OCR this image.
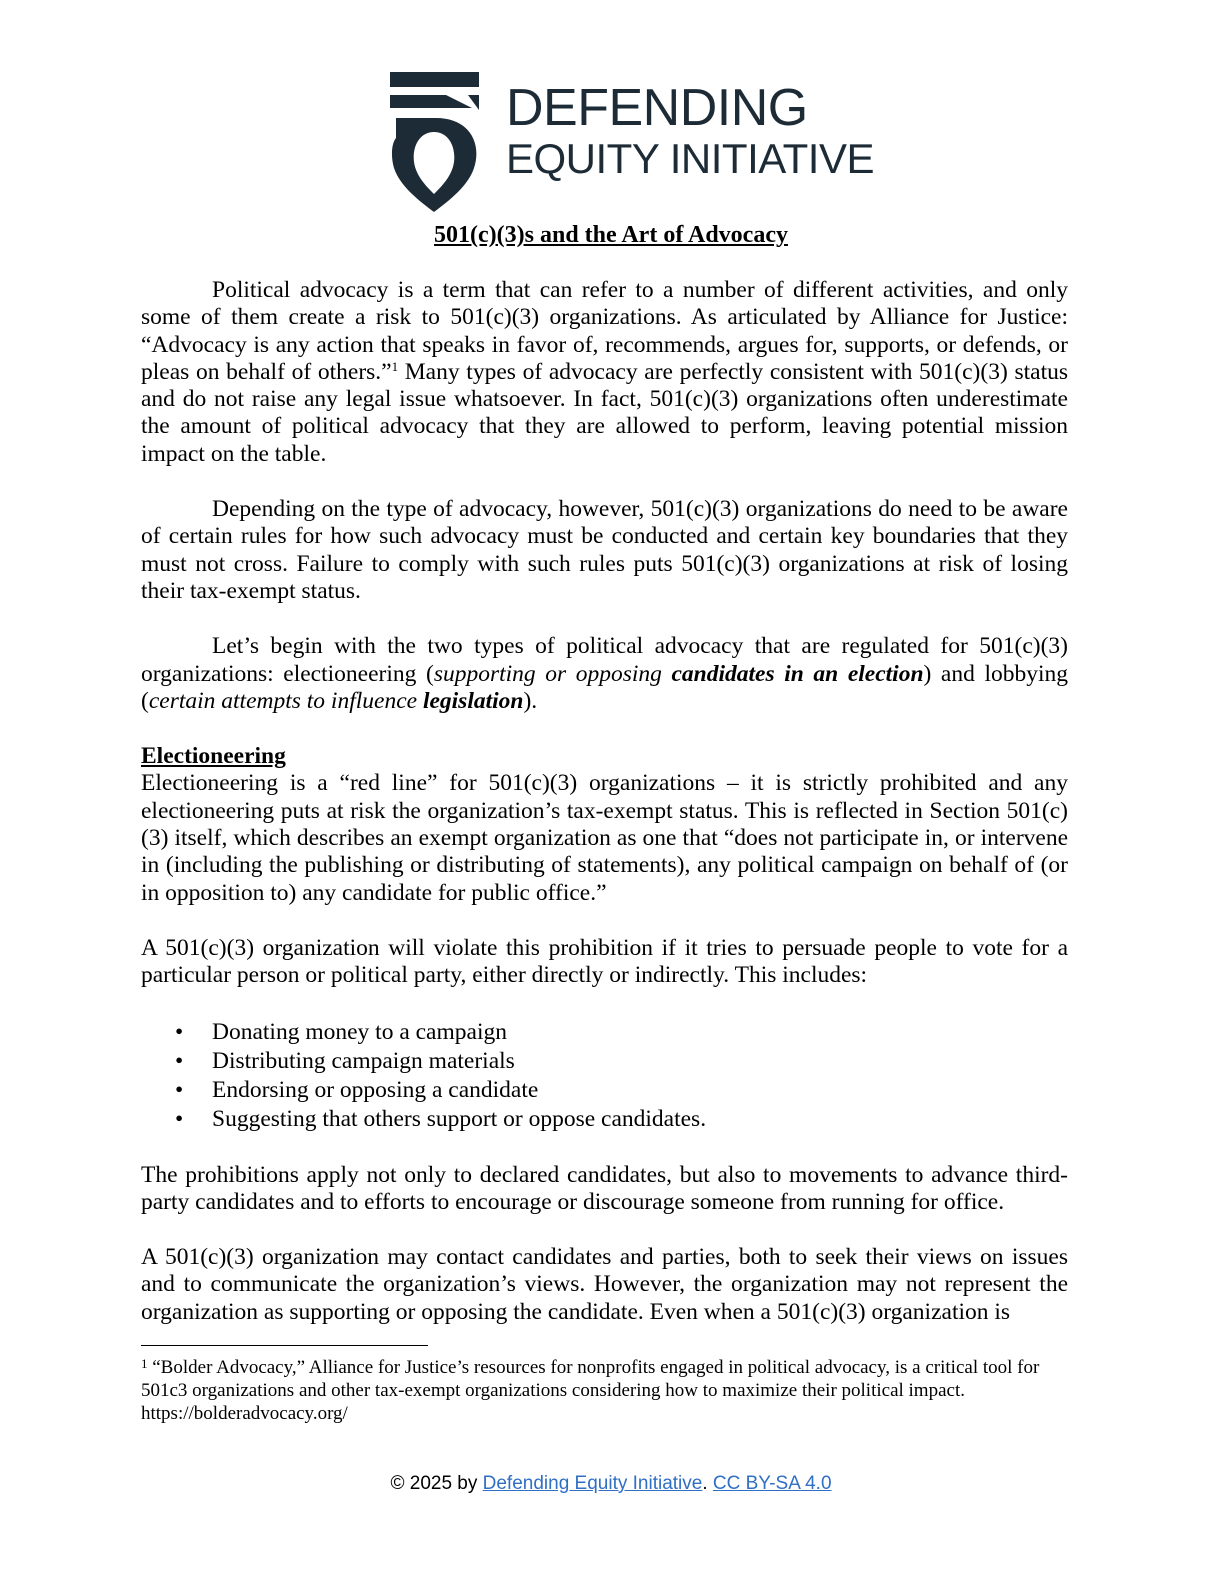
DEFENDING
EQUITY INITIATIVE
501(c)(3)s and the Art of Advocacy

Political advocacy is a term that can refer to a number of different activities, and only some of them create a risk to 501(c)(3) organizations. As articulated by Alliance for Justice: “Advocacy is any action that speaks in favor of, recommends, argues for, supports, or defends, or pleas on behalf of others.”$^1$ Many types of advocacy are perfectly consistent with 501(c)(3) status and do not raise any legal issue whatsoever. In fact, 501(c)(3) organizations often underestimate the amount of political advocacy that they are allowed to perform, leaving potential mission impact on the table.

Depending on the type of advocacy, however, 501(c)(3) organizations do need to be aware of certain rules for how such advocacy must be conducted and certain key boundaries that they must not cross. Failure to comply with such rules puts 501(c)(3) organizations at risk of losing their tax-exempt status.

Let’s begin with the two types of political advocacy that are regulated for 501(c)(3) organizations: electioneering (supporting or opposing candidates in an election) and lobbying (certain attempts to influence legislation).

Electioneering

Electioneering is a “red line” for 501(c)(3) organizations – it is strictly prohibited and any electioneering puts at risk the organization’s tax-exempt status. This is reflected in Section 501(c)(3) itself, which describes an exempt organization as one that “does not participate in, or intervene in (including the publishing or distributing of statements), any political campaign on behalf of (or in opposition to) any candidate for public office.”

A 501(c)(3) organization will violate this prohibition if it tries to persuade people to vote for a particular person or political party, either directly or indirectly. This includes:

• Donating money to a campaign
• Distributing campaign materials
• Endorsing or opposing a candidate
• Suggesting that others support or oppose candidates.

The prohibitions apply not only to declared candidates, but also to movements to advance third-party candidates and to efforts to encourage or discourage someone from running for office.

A 501(c)(3) organization may contact candidates and parties, both to seek their views on issues and to communicate the organization’s views. However, the organization may not represent the organization as supporting or opposing the candidate. Even when a 501(c)(3) organization is

$^1$ “Bolder Advocacy,” Alliance for Justice’s resources for nonprofits engaged in political advocacy, is a critical tool for 501c3 organizations and other tax-exempt organizations considering how to maximize their political impact. https://bolderadvocacy.org/
© 2025 by Defending Equity Initiative. CC BY-SA 4.0
